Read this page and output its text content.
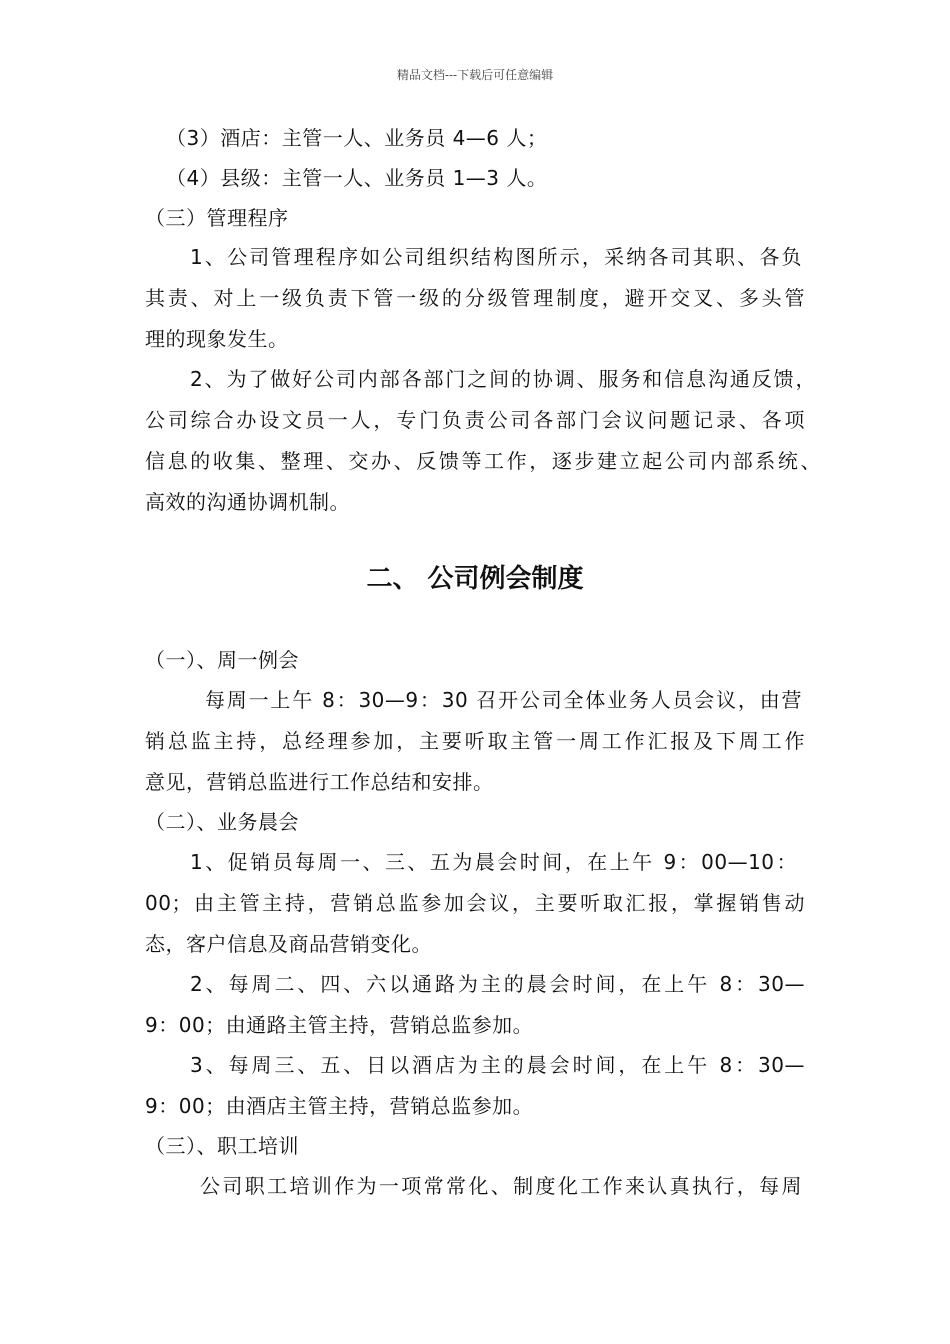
精品文档---下载后可任意编辑
（3）酒店：主管一人、业务员 4—6 人；
（4）县级：主管一人、业务员 1—3 人。
（三）管理程序
1、公司管理程序如公司组织结构图所示，采纳各司其职、各负
其责、对上一级负责下管一级的分级管理制度，避开交叉、多头管
理的现象发生。
2、为了做好公司内部各部门之间的协调、服务和信息沟通反馈，
公司综合办设文员一人，专门负责公司各部门会议问题记录、各项
信息的收集、整理、交办、反馈等工作，逐步建立起公司内部系统、
高效的沟通协调机制。
二、 公司例会制度
（一）、周一例会
每周一上午 8：30—9：30 召开公司全体业务人员会议，由营
销总监主持，总经理参加，主要听取主管一周工作汇报及下周工作
意见，营销总监进行工作总结和安排。
（二）、业务晨会
1、促销员每周一、三、五为晨会时间，在上午 9：00—10：
00；由主管主持，营销总监参加会议，主要听取汇报，掌握销售动
态，客户信息及商品营销变化。
2、每周二、四、六以通路为主的晨会时间，在上午 8：30—
9：00；由通路主管主持，营销总监参加。
3、每周三、五、日以酒店为主的晨会时间，在上午 8：30—
9：00；由酒店主管主持，营销总监参加。
（三）、职工培训
公司职工培训作为一项常常化、制度化工作来认真执行，每周
